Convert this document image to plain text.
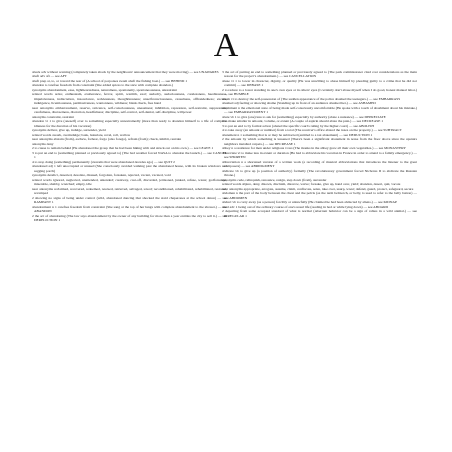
A

aback adv without warning (completely taken aback by the neighbours' announcement that they were moving) — see UNAWARES

abaft adv aft — see AFT

abaft prep at, to, or toward the rear of (A school of porpoises swam abaft the fishing boat.) — see BEHIND 1

abandon n carefree freedom from constraint (She added spices to the stew with complete abandon.)

synonyms abandonment, ease, lightheartedness, naturalness, spontaneity, spontaneousness, unrestraint

related words ardor, enthusiasm, exuberance, fervor, spirit, warmth, zeal; audacity, audaciousness, carelessness, heedlessness, impulsiveness, indiscretion, insouciance, recklessness, thoughtlessness; unselfconsciousness, casualness, offhandedness; excess, indulgence, licentiousness, permissiveness, wantonness, wildness; blank check, free hand

near antonyms embarrassment, reserve, reticence, self-consciousness, uneasiness; inhibition, repression, self-restraint, suppression; carefulness, discreetness, discretion, heedfulness; discipline, self-control, self-denial, self-discipline, willpower

antonyms constraint, restraint

abandon vt 1 to give (oneself) over to something especially unrestrainedly (more than ready to abandon himself to a life of complete idleness for the duration of his vacation)

synonyms deliver, give up, indulge, surrender, yield

related words awash, overindulge; bask, luxuriate, revel, roll, wallow

near antonyms abstain (from), eschew, forbear, forgo (also forego), refrain (from); check, inhibit, restrain

antonyms deny

2 to cause to remain behind (He abandoned the group that he had been hiking with and struck out on his own.) — see LEAVE 1

3 to put an end to (something planned or previously agreed to) (The bad weather forced NASA to abandon the launch.) — see CANCEL 1

4 to stop doing (something) permanently (customs that were abandoned decades ago) — see QUIT 2

abandoned adj 1 left unoccupied or unused (She consciously avoided walking past the abandoned house, with its broken windows and sagging porch)

synonyms derelict, deserted, desolate, disused, forgotten, forsaken, rejected, vacant, vacated, void

related words ignored, neglected, unattended, untended; castaway, cast-off, discarded, jettisoned, junked, refuse, waste; godforsaken, miserable, shabby, wretched; empty, idle

near antonyms reclaimed, recovered, redeemed, rescued, retrieved, salvaged, saved; reconditioned, rehabilitated, rehabilitated, restored, revamped

2 showing no signs of being under control (wild, abandoned dancing that shocked the staid chaperones at the school dance) — see RAMPANT 1

abandonment n 1 carefree freedom from constraint (She sang at the top of her lungs with complete abandonment to the shower.) — see ABANDON

2 the act of abandoning (The law says abandonment by the owner of any building for more than a year entitles the city to sell it.) — see DERELICTION 1

3 the act of putting an end to something planned or previously agreed to (The park commissioner cited cost considerations as the main reason for the project's abandonment.) — see CANCELLATION

abase vt 1 to lower in character, dignity, or quality (He was unwilling to abase himself by pleading guilty to a crime that he did not commit) — see DEBASE 1

2 to reduce to a lower standing in one's own eyes or in others' eyes (I certainly don't abase myself when I do good, honest manual labor.) — see HUMBLE

abash vt to destroy the self-possession of (The sudden appearance of the police abashed the teenagers.) — see EMBARRASS

abashed adj feeling or showing shame (Standing up in front of an audience abashed her.) — see ASHAMED

abashment n the emotional state of being made self-consciously uncomfortable (He spoke with a touch of abashment about his mistake.) — see EMBARRASSMENT 1

abate vb 1 to give (one) less to ask for (something) especially by authority (abate a nuisance) — see DEPRECIATE

2 to make smaller in amount, volume, or extent (A couple of aspirin should abate the pain.) — see DECREASE 1

3 to put an end to by formal action (abated the specific court's ruling by the higher court) — see ABOLISH

4 to take away (an amount or number) from a total (The receiver's office abated the taxes on the property.) — see SUBTRACT

abatement n 1 something that is or may be subtracted (entitled to a tax abatement) — see DEDUCTION 1

2 the amount by which something is lessened (There's been a significant abatement in noise from the floor above since the upstairs neighbors installed carpets.) — see DECREASE 1

abbey n a residence for men under religious vows (The monks in the abbey grew all their own vegetables.) — see MONASTERY

abbreviate vt to make less in extent or duration (He had to abbreviate his vacation in France in order to attend to a family emergency.) — see SHORTEN

abbreviation n a shortened version of a written work (a recording of musical abbreviations that introduces the listener to the great composers) — see ABRIDGMENT

abdicate vb to give up (a position of authority) formally (The revolutionary government forced Nicholas II to abdicate the Russian throne.)

synonyms cede, relinquish, renounce, resign, step down (from), surrender

related words abjure, deny, disown, disclaim, disavow, waive; forsake, give up, hand over, yield; abandon, desert, quit, vacate

near antonyms appropriate, arrogate, assume, claim, confiscate, seize, take over, usurp, wrest; defend, guard, protect, safeguard, secure

abdomen n the part of the body between the chest and the pelvis (as the term beltnotch, or belly, is used to refer to the belly button) — see ABDOMEN

abduct vb to carry away (as a person) forcibly or unlawfully (He claimed he had been abducted by aliens.) — see KIDNAP

abed adv 1 being out of the ordinary course of one's usual life (reading in bed or while lying down) — see ABOARD

2 departing from some accepted standard of what is normal (Aberrant behavior can be a sign of rabies in a wild animal.) — see IRREGULAR 1
